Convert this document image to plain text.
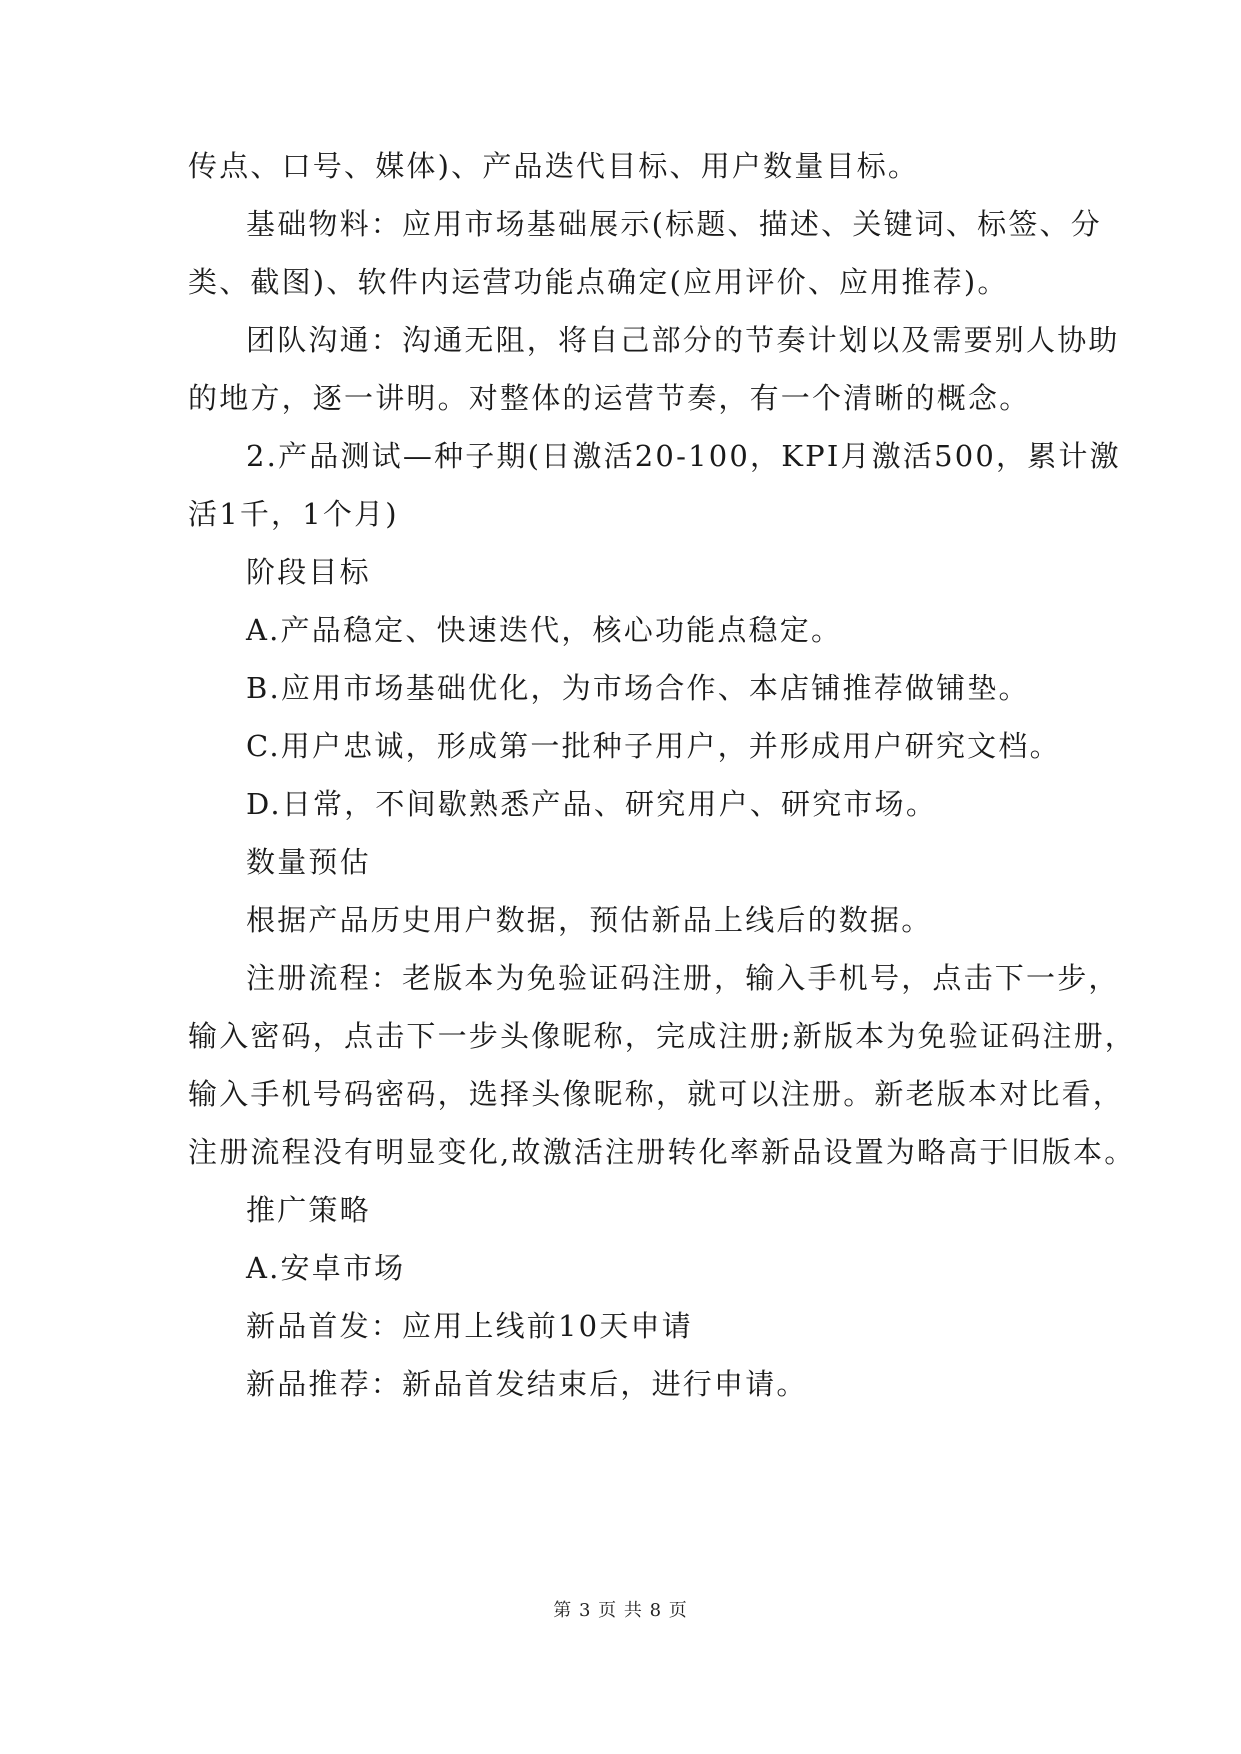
传点、口号、媒体)、产品迭代目标、用户数量目标。
基础物料：应用市场基础展示(标题、描述、关键词、标签、分
类、截图)、软件内运营功能点确定(应用评价、应用推荐)。
团队沟通：沟通无阻，将自己部分的节奏计划以及需要别人协助
的地方，逐一讲明。对整体的运营节奏，有一个清晰的概念。
2.产品测试—种子期(日激活20-100，KPI月激活500，累计激
活1千，1个月)
阶段目标
A.产品稳定、快速迭代，核心功能点稳定。
B.应用市场基础优化，为市场合作、本店铺推荐做铺垫。
C.用户忠诚，形成第一批种子用户，并形成用户研究文档。
D.日常，不间歇熟悉产品、研究用户、研究市场。
数量预估
根据产品历史用户数据，预估新品上线后的数据。
注册流程：老版本为免验证码注册，输入手机号，点击下一步，
输入密码，点击下一步头像昵称，完成注册;新版本为免验证码注册，
输入手机号码密码，选择头像昵称，就可以注册。新老版本对比看，
注册流程没有明显变化,故激活注册转化率新品设置为略高于旧版本。
推广策略
A.安卓市场
新品首发：应用上线前10天申请
新品推荐：新品首发结束后，进行申请。
第 3 页 共 8 页
